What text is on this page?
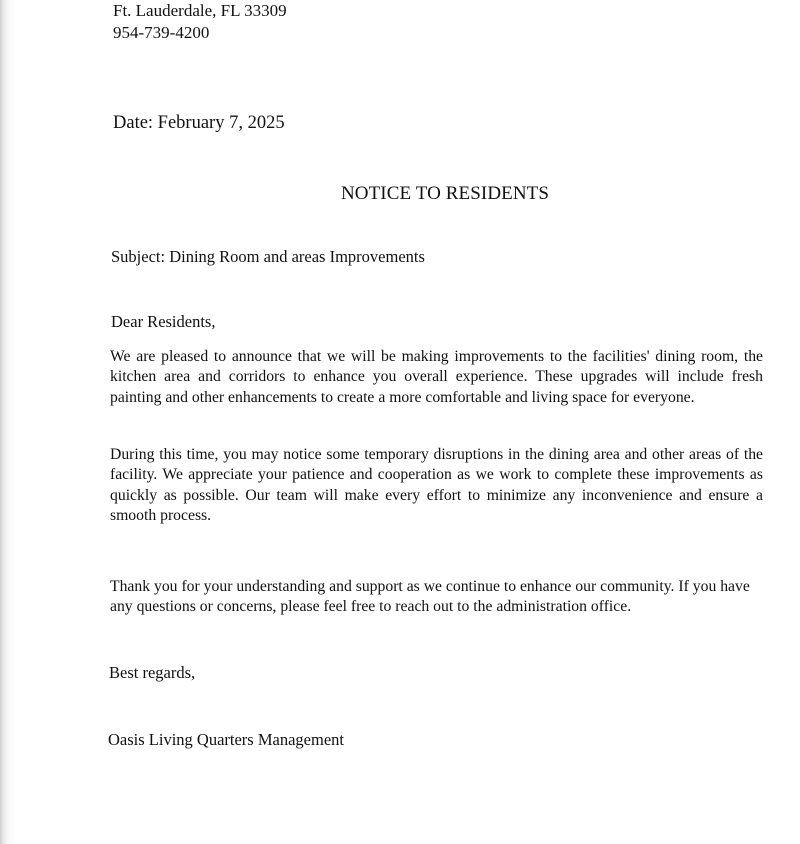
Ft. Lauderdale, FL 33309

954-739-4200

Date: February 7, 2025

NOTICE TO RESIDENTS

Subject: Dining Room and areas Improvements

Dear Residents,

We are pleased to announce that we will be making improvements to the facilities' dining room, the kitchen area and corridors to enhance you overall experience. These upgrades will include fresh painting and other enhancements to create a more comfortable and living space for everyone.

During this time, you may notice some temporary disruptions in the dining area and other areas of the facility. We appreciate your patience and cooperation as we work to complete these improvements as quickly as possible. Our team will make every effort to minimize any inconvenience and ensure a smooth process.

Thank you for your understanding and support as we continue to enhance our community. If you have any questions or concerns, please feel free to reach out to the administration office.

Best regards,

Oasis Living Quarters Management
